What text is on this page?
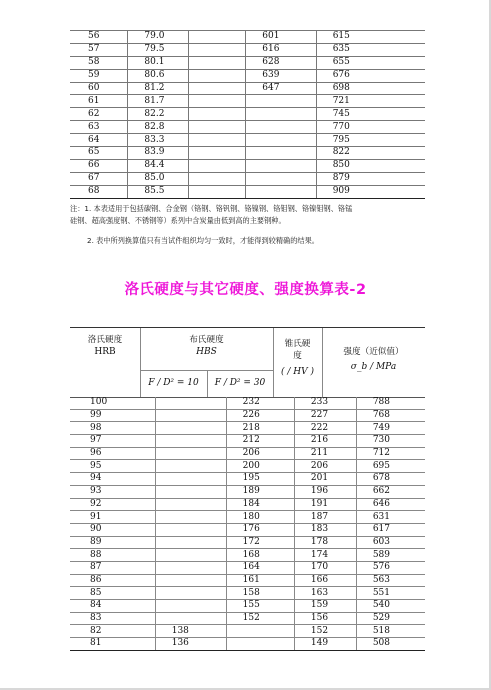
56	79.0		601	615
57	79.5		616	635
58	80.1		628	655
59	80.6		639	676
60	81.2		647	698
61	81.7			721
62	82.2			745
63	82.8			770
64	83.3			795
65	83.9			822
66	84.4			850
67	85.0			879
68	85.5			909

注：1. 本表适用于包括碳钢、合金钢（铬钢、铬钒钢、铬镍钢、铬钼钢、铬镍钼钢、铬锰

硅钢、超高强度钢、不锈钢等）系列中含炭量由低到高的主要钢种。

2. 表中所列换算值只有当试件组织均匀一致时，才能得到较精确的结果。

洛氏硬度与其它硬度、强度换算表-2
洛氏硬度
HRB
布氏硬度
HBS
F / D² = 10	F / D² = 30
锥氏硬
度
( / HV )
强度（近似值）
σ_b / MPa
100		232	233	788
99		226	227	768
98		218	222	749
97		212	216	730
96		206	211	712
95		200	206	695
94		195	201	678
93		189	196	662
92		184	191	646
91		180	187	631
90		176	183	617
89		172	178	603
88		168	174	589
87		164	170	576
86		161	166	563
85		158	163	551
84		155	159	540
83		152	156	529
82	138		152	518
81	136		149	508
